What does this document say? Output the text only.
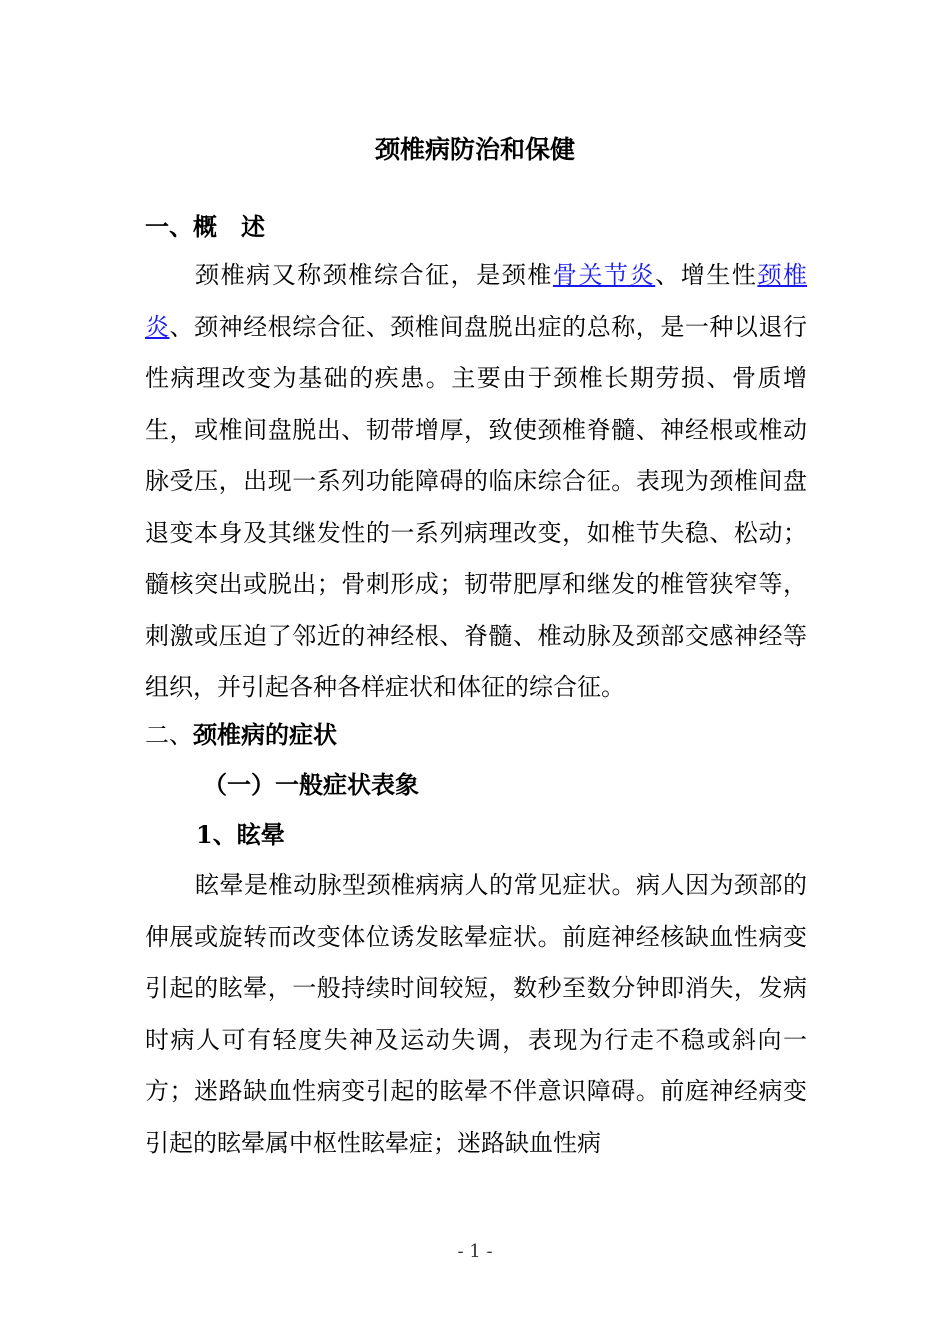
颈椎病防治和保健
一、概 述

颈椎病又称颈椎综合征，是颈椎骨关节炎、增生性颈椎炎、颈神经根综合征、颈椎间盘脱出症的总称，是一种以退行性病理改变为基础的疾患。主要由于颈椎长期劳损、骨质增生，或椎间盘脱出、韧带增厚，致使颈椎脊髓、神经根或椎动脉受压，出现一系列功能障碍的临床综合征。表现为颈椎间盘退变本身及其继发性的一系列病理改变，如椎节失稳、松动；髓核突出或脱出；骨刺形成；韧带肥厚和继发的椎管狭窄等，刺激或压迫了邻近的神经根、脊髓、椎动脉及颈部交感神经等组织，并引起各种各样症状和体征的综合征。

二、颈椎病的症状
（一）一般症状表象
1、眩晕

眩晕是椎动脉型颈椎病病人的常见症状。病人因为颈部的伸展或旋转而改变体位诱发眩晕症状。前庭神经核缺血性病变引起的眩晕，一般持续时间较短，数秒至数分钟即消失，发病时病人可有轻度失神及运动失调，表现为行走不稳或斜向一方；迷路缺血性病变引起的眩晕不伴意识障碍。前庭神经病变引起的眩晕属中枢性眩晕症；迷路缺血性病

- 1 -
